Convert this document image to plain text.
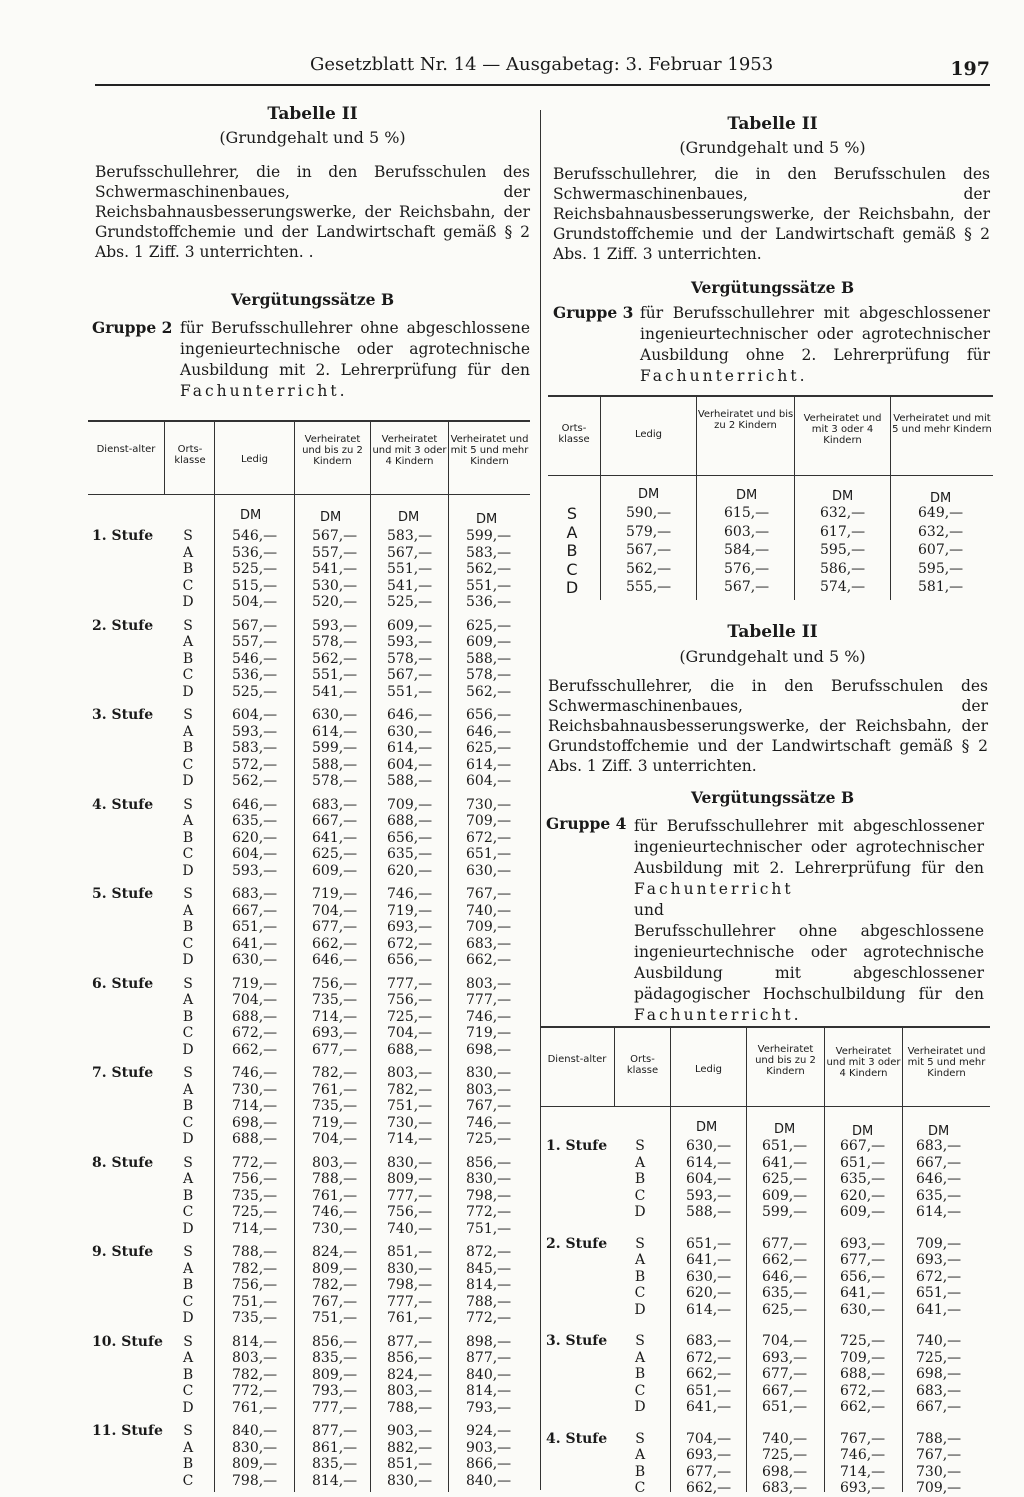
Gesetzblatt Nr. 14 — Ausgabetag: 3. Februar 1953	197
Tabelle II
(Grundgehalt und 5 %)
Berufsschullehrer, die in den Berufsschulen des Schwermaschinenbaues, der Reichsbahnausbesserungswerke, der Reichsbahn, der Grundstoffchemie und der Landwirtschaft gemäß § 2 Abs. 1 Ziff. 3 unterrichten. .
Vergütungssätze B
Gruppe 2 für Berufsschullehrer ohne abgeschlossene ingenieurtechnische oder agrotechnische Ausbildung mit 2. Lehrerprüfung für den Fachunterricht.
Dienst-alter	Orts-klasse	Ledig
Verheiratet und bis zu 2 Kindern
Verheiratet und mit 3 oder 4 Kindern
Verheiratet und mit 5 und mehr Kindern
DM	DM	DM	DM
1. Stufe	S	546,— 567,— 583,— 599,—
A	536,— 557,— 567,— 583,—
B	525,— 541,— 551,— 562,—
C	515,— 530,— 541,— 551,—
D	504,— 520,— 525,— 536,—
2. Stufe	S	567,— 593,— 609,— 625,—
A	557,— 578,— 593,— 609,—
B	546,— 562,— 578,— 588,—
C	536,— 551,— 567,— 578,—
D	525,— 541,— 551,— 562,—
3. Stufe	S	604,— 630,— 646,— 656,—
A	593,— 614,— 630,— 646,—
B	583,— 599,— 614,— 625,—
C	572,— 588,— 604,— 614,—
D	562,— 578,— 588,— 604,—
4. Stufe	S	646,— 683,— 709,— 730,—
A	635,— 667,— 688,— 709,—
B	620,— 641,— 656,— 672,—
C	604,— 625,— 635,— 651,—
D	593,— 609,— 620,— 630,—
5. Stufe	S	683,— 719,— 746,— 767,—
A	667,— 704,— 719,— 740,—
B	651,— 677,— 693,— 709,—
C	641,— 662,— 672,— 683,—
D	630,— 646,— 656,— 662,—
6. Stufe	S	719,— 756,— 777,— 803,—
A	704,— 735,— 756,— 777,—
B	688,— 714,— 725,— 746,—
C	672,— 693,— 704,— 719,—
D	662,— 677,— 688,— 698,—
7. Stufe	S	746,— 782,— 803,— 830,—
A	730,— 761,— 782,— 803,—
B	714,— 735,— 751,— 767,—
C	698,— 719,— 730,— 746,—
D	688,— 704,— 714,— 725,—
8. Stufe	S	772,— 803,— 830,— 856,—
A	756,— 788,— 809,— 830,—
B	735,— 761,— 777,— 798,—
C	725,— 746,— 756,— 772,—
D	714,— 730,— 740,— 751,—
9. Stufe	S	788,— 824,— 851,— 872,—
A	782,— 809,— 830,— 845,—
B	756,— 782,— 798,— 814,—
C	751,— 767,— 777,— 788,—
D	735,— 751,— 761,— 772,—
10. Stufe	S	814,— 856,— 877,— 898,—
A	803,— 835,— 856,— 877,—
B	782,— 809,— 824,— 840,—
C	772,— 793,— 803,— 814,—
D	761,— 777,— 788,— 793,—
11. Stufe	S	840,— 877,— 903,— 924,—
A	830,— 861,— 882,— 903,—
B	809,— 835,— 851,— 866,—
C	798,— 814,— 830,— 840,—
Tabelle II
(Grundgehalt und 5 %)
Berufsschullehrer, die in den Berufsschulen des Schwermaschinenbaues, der Reichsbahnausbesserungswerke, der Reichsbahn, der Grundstoffchemie und der Landwirtschaft gemäß § 2 Abs. 1 Ziff. 3 unterrichten.
Vergütungssätze B
Gruppe 3 für Berufsschullehrer mit abgeschlossener ingenieurtechnischer oder agrotechnischer Ausbildung ohne 2. Lehrerprüfung für Fachunterricht.
Orts-klasse	Ledig
Verheiratet und bis zu 2 Kindern
Verheiratet und mit 3 oder 4 Kindern
Verheiratet und mit 5 und mehr Kindern
DM	DM	DM	DM
S	590,—	615,—	632,—	649,—
A	579,—	603,—	617,—	632,—
B	567,—	584,—	595,—	607,—
C	562,—	576,—	586,—	595,—
D	555,—	567,—	574,—	581,—
Tabelle II
(Grundgehalt und 5 %)
Berufsschullehrer, die in den Berufsschulen des Schwermaschinenbaues, der Reichsbahnausbesserungswerke, der Reichsbahn, der Grundstoffchemie und der Landwirtschaft gemäß § 2 Abs. 1 Ziff. 3 unterrichten.
Vergütungssätze B
Gruppe 4 für Berufsschullehrer mit abgeschlossener ingenieurtechnischer oder agrotechnischer Ausbildung mit 2. Lehrerprüfung für den Fachunterricht
und
Berufsschullehrer ohne abgeschlossene ingenieurtechnische oder agrotechnische Ausbildung mit abgeschlossener pädagogischer Hochschulbildung für den Fachunterricht.
Dienst-alter	Orts-klasse	Ledig
Verheiratet und bis zu 2 Kindern
Verheiratet und mit 3 oder 4 Kindern
Verheiratet und mit 5 und mehr Kindern
DM	DM	DM	DM
1. Stufe	S	630,— 651,— 667,— 683,—
A	614,— 641,— 651,— 667,—
B	604,— 625,— 635,— 646,—
C	593,— 609,— 620,— 635,—
D	588,— 599,— 609,— 614,—
2. Stufe	S	651,— 677,— 693,— 709,—
A	641,— 662,— 677,— 693,—
B	630,— 646,— 656,— 672,—
C	620,— 635,— 641,— 651,—
D	614,— 625,— 630,— 641,—
3. Stufe	S	683,— 704,— 725,— 740,—
A	672,— 693,— 709,— 725,—
B	662,— 677,— 688,— 698,—
C	651,— 667,— 672,— 683,—
D	641,— 651,— 662,— 667,—
4. Stufe	S	704,— 740,— 767,— 788,—
A	693,— 725,— 746,— 767,—
B	677,— 698,— 714,— 730,—
C	662,— 683,— 693,— 709,—
